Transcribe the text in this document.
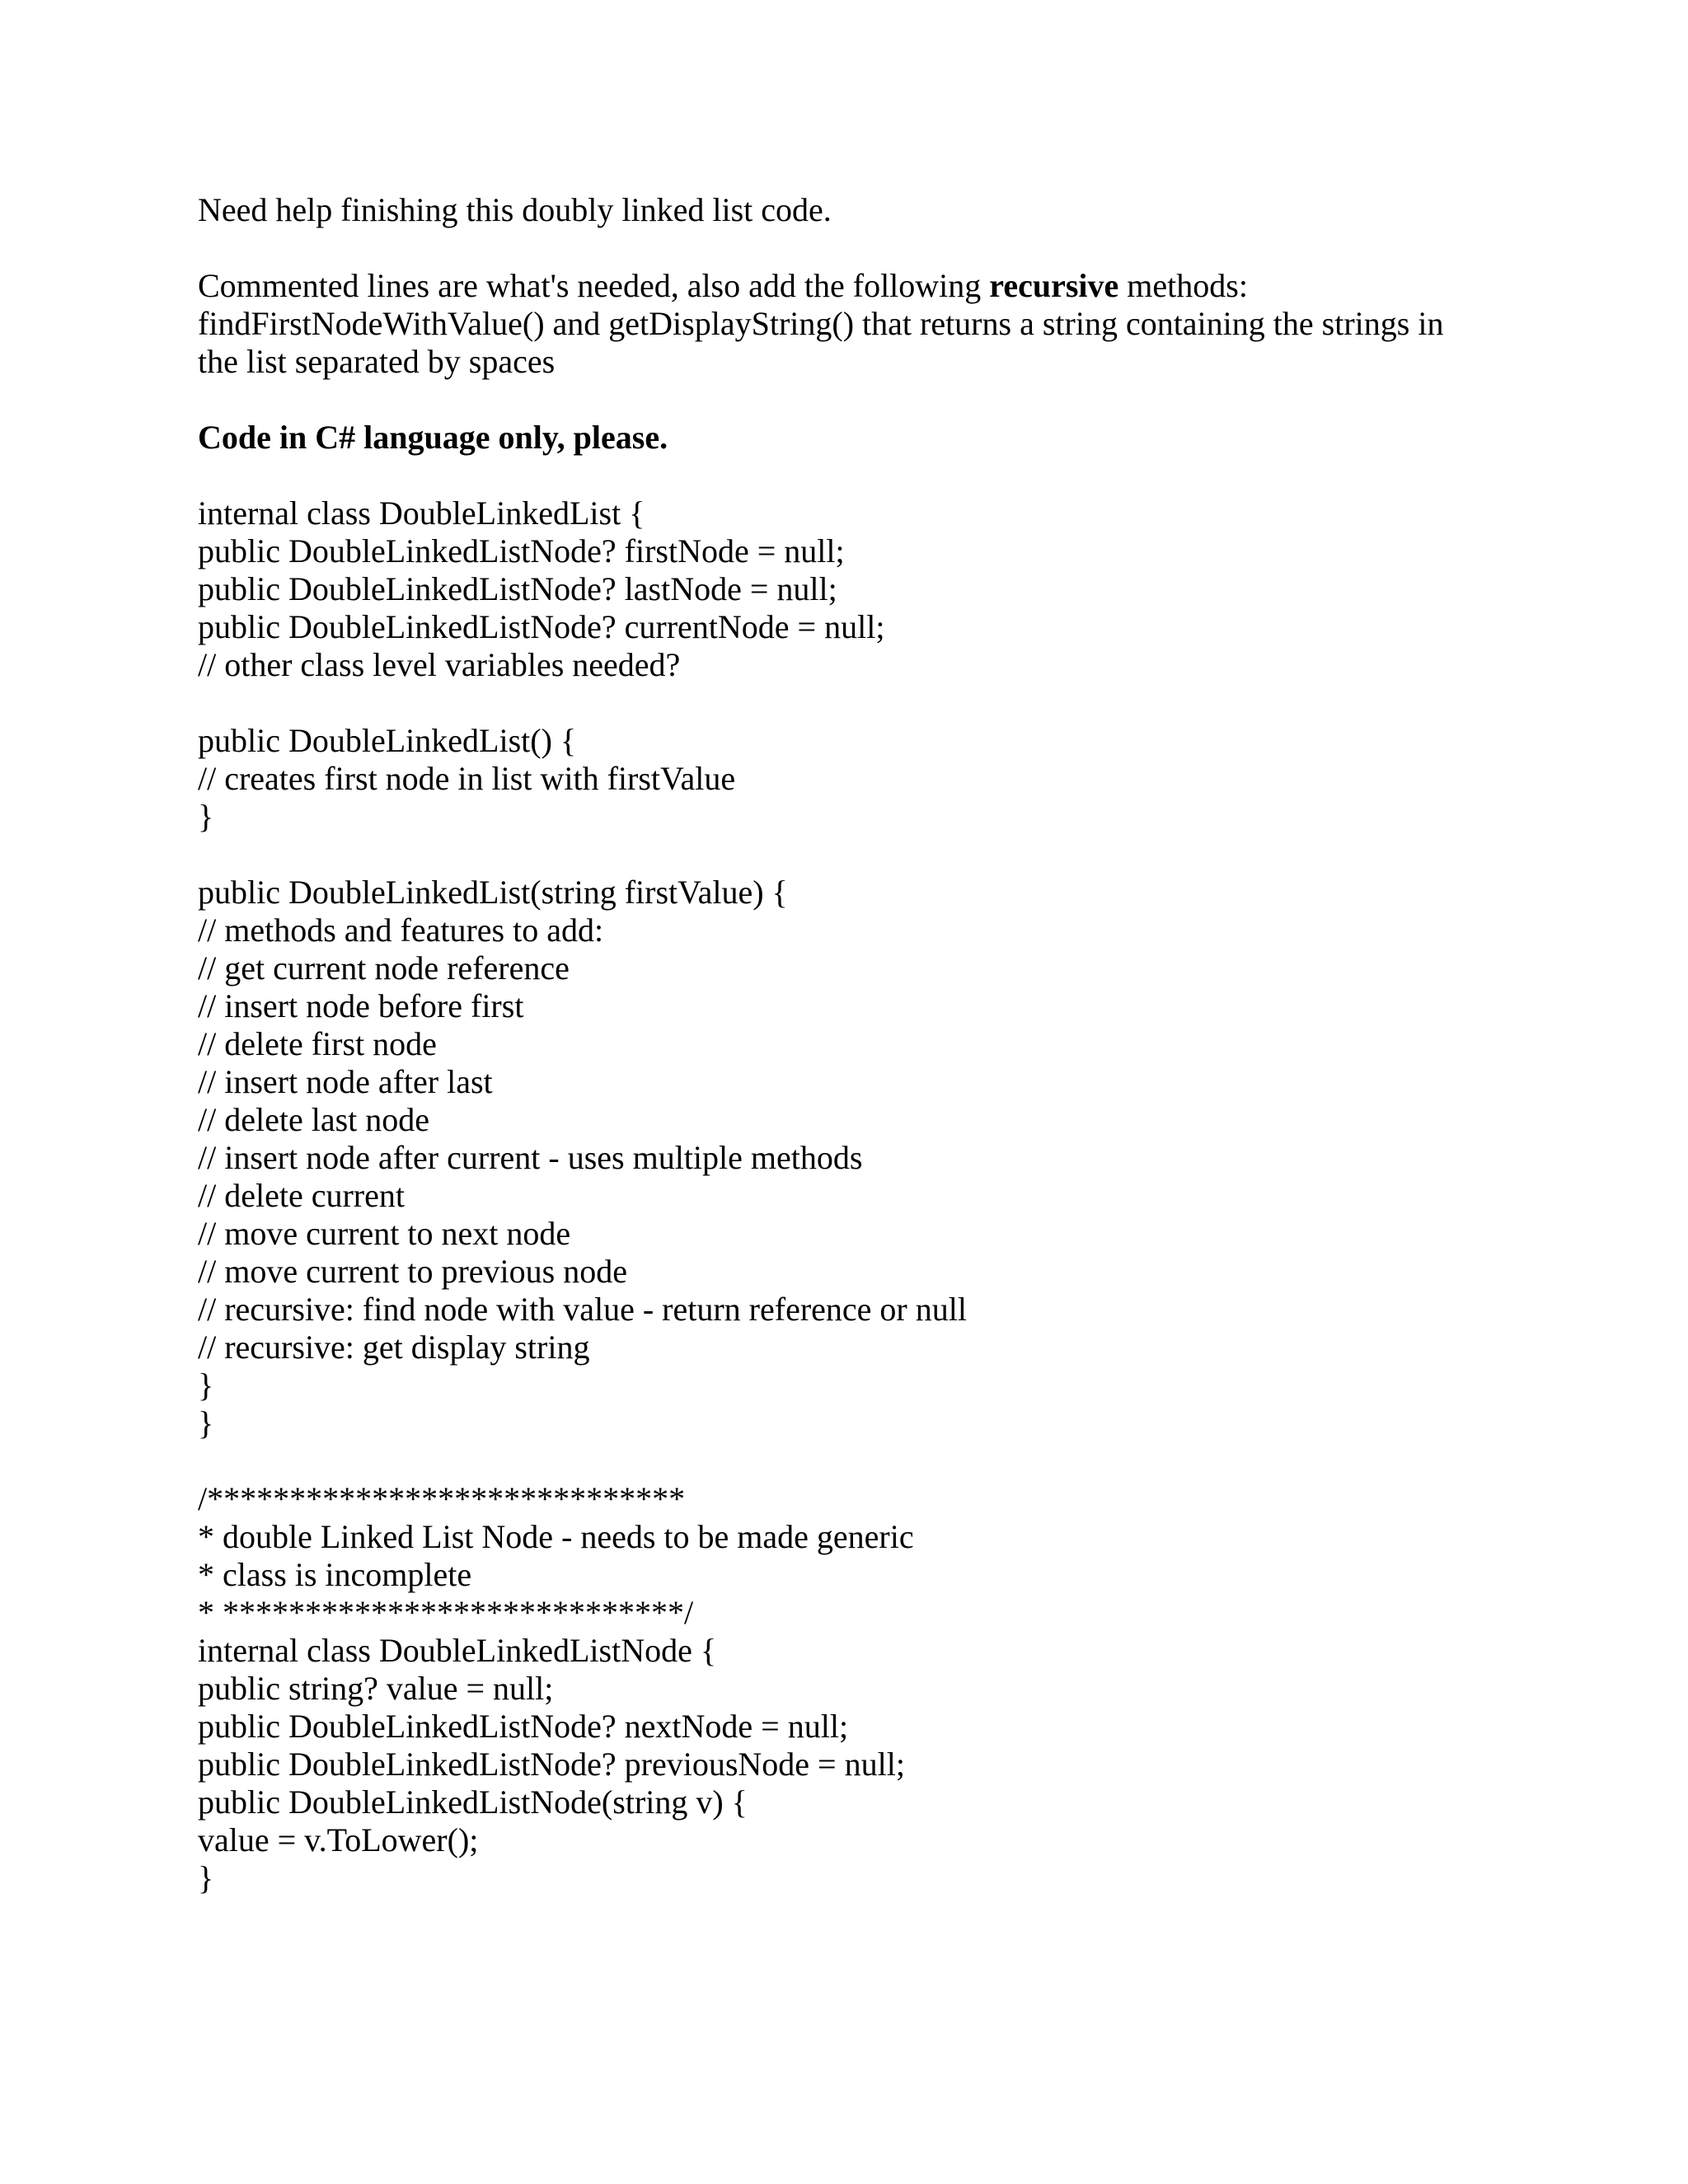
Need help finishing this doubly linked list code.
Commented lines are what's needed, also add the following recursive methods:
findFirstNodeWithValue() and getDisplayString() that returns a string containing the strings in
the list separated by spaces
Code in C# language only, please.
internal class DoubleLinkedList {
public DoubleLinkedListNode? firstNode = null;
public DoubleLinkedListNode? lastNode = null;
public DoubleLinkedListNode? currentNode = null;
// other class level variables needed?
public DoubleLinkedList() {
// creates first node in list with firstValue
}
public DoubleLinkedList(string firstValue) {
// methods and features to add:
// get current node reference
// insert node before first
// delete first node
// insert node after last
// delete last node
// insert node after current - uses multiple methods
// delete current
// move current to next node
// move current to previous node
// recursive: find node with value - return reference or null
// recursive: get display string
}
}
/*****************************
* double Linked List Node - needs to be made generic
* class is incomplete
* ****************************/
internal class DoubleLinkedListNode {
public string? value = null;
public DoubleLinkedListNode? nextNode = null;
public DoubleLinkedListNode? previousNode = null;
public DoubleLinkedListNode(string v) {
value = v.ToLower();
}
